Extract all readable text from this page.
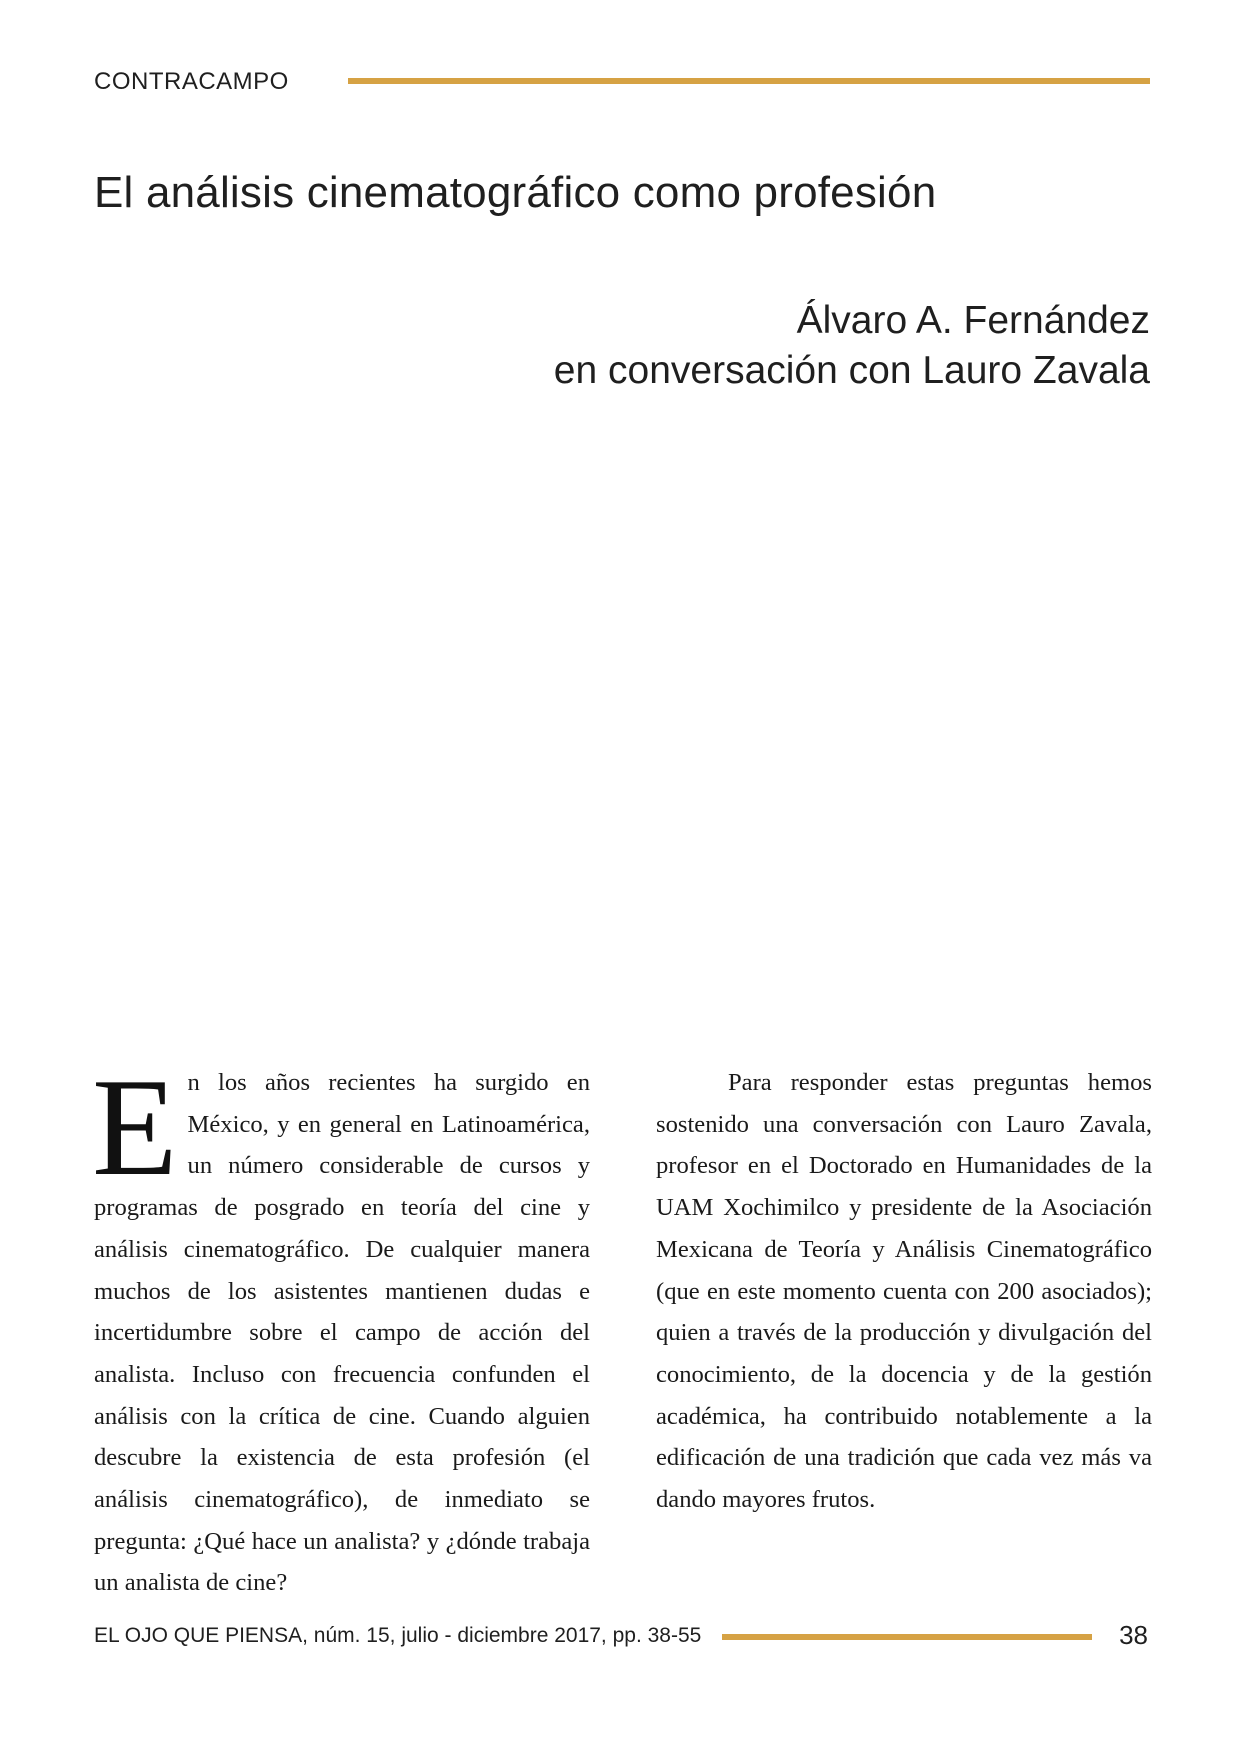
CONTRACAMPO
El análisis cinematográfico como profesión
Álvaro A. Fernández
en conversación con Lauro Zavala

En los años recientes ha surgido en México, y en general en Latinoamérica, un número considerable de cursos y programas de posgrado en teoría del cine y análisis cinematográfico. De cualquier manera muchos de los asistentes mantienen dudas e incertidumbre sobre el campo de acción del analista. Incluso con frecuencia confunden el análisis con la crítica de cine. Cuando alguien descubre la existencia de esta profesión (el análisis cinematográfico), de inmediato se pregunta: ¿Qué hace un analista? y ¿dónde trabaja un analista de cine?

Para responder estas preguntas hemos sostenido una conversación con Lauro Zavala, profesor en el Doctorado en Humanidades de la UAM Xochimilco y presidente de la Asociación Mexicana de Teoría y Análisis Cinematográfico (que en este momento cuenta con 200 asociados); quien a través de la producción y divulgación del conocimiento, de la docencia y de la gestión académica, ha contribuido notablemente a la edificación de una tradición que cada vez más va dando mayores frutos.

EL OJO QUE PIENSA, núm. 15, julio - diciembre 2017, pp. 38-55	38
